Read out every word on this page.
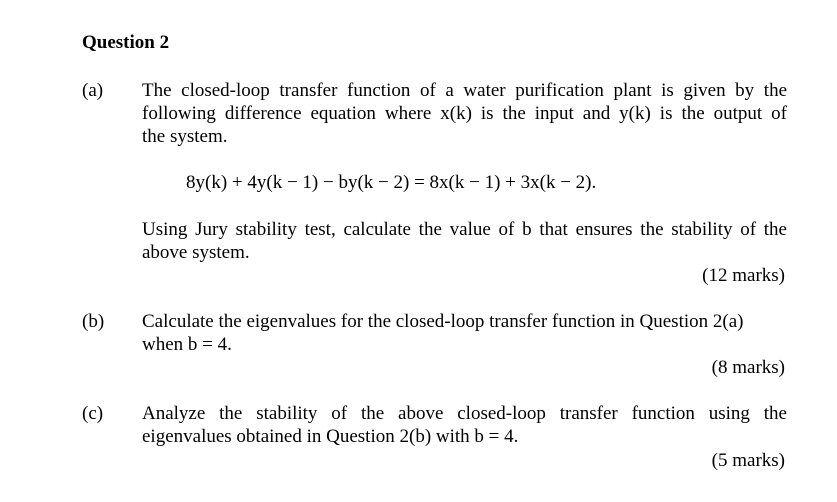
Question 2
(a) The closed-loop transfer function of a water purification plant is given by the
following difference equation where x(k) is the input and y(k) is the output of
the system.
8y(k) + 4y(k − 1) − by(k − 2) = 8x(k − 1) + 3x(k − 2).
Using Jury stability test, calculate the value of b that ensures the stability of the
above system.
(12 marks)
(b) Calculate the eigenvalues for the closed-loop transfer function in Question 2(a)
when b = 4.
(8 marks)
(c) Analyze the stability of the above closed-loop transfer function using the
eigenvalues obtained in Question 2(b) with b = 4.
(5 marks)
